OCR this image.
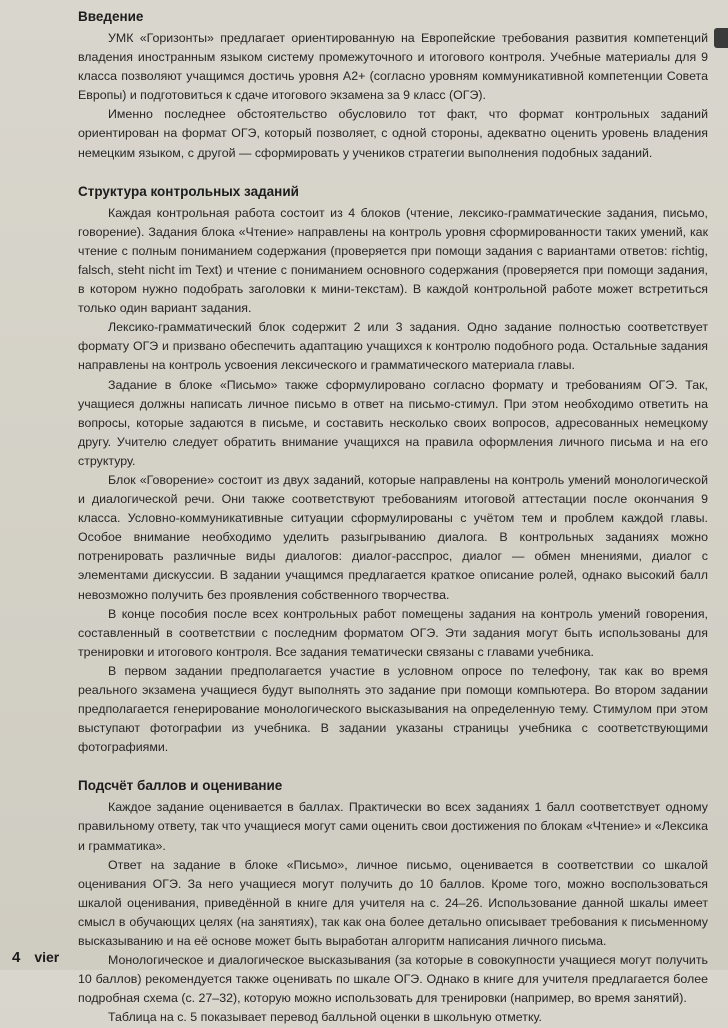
Введение

УМК «Горизонты» предлагает ориентированную на Европейские требования развития компетенций владения иностранным языком систему промежуточного и итогового контроля. Учебные материалы для 9 класса позволяют учащимся достичь уровня А2+ (согласно уровням коммуникативной компетенции Совета Европы) и подготовиться к сдаче итогового экзамена за 9 класс (ОГЭ).

Именно последнее обстоятельство обусловило тот факт, что формат контрольных заданий ориентирован на формат ОГЭ, который позволяет, с одной стороны, адекватно оценить уровень владения немецким языком, с другой — сформировать у учеников стратегии выполнения подобных заданий.

Структура контрольных заданий

Каждая контрольная работа состоит из 4 блоков (чтение, лексико-грамматические задания, письмо, говорение). Задания блока «Чтение» направлены на контроль уровня сформированности таких умений, как чтение с полным пониманием содержания (проверяется при помощи задания с вариантами ответов: richtig, falsch, steht nicht im Text) и чтение с пониманием основного содержания (проверяется при помощи задания, в котором нужно подобрать заголовки к мини-текстам). В каждой контрольной работе может встретиться только один вариант задания.

Лексико-грамматический блок содержит 2 или 3 задания. Одно задание полностью соответствует формату ОГЭ и призвано обеспечить адаптацию учащихся к контролю подобного рода. Остальные задания направлены на контроль усвоения лексического и грамматического материала главы.

Задание в блоке «Письмо» также сформулировано согласно формату и требованиям ОГЭ. Так, учащиеся должны написать личное письмо в ответ на письмо-стимул. При этом необходимо ответить на вопросы, которые задаются в письме, и составить несколько своих вопросов, адресованных немецкому другу. Учителю следует обратить внимание учащихся на правила оформления личного письма и на его структуру.

Блок «Говорение» состоит из двух заданий, которые направлены на контроль умений монологической и диалогической речи. Они также соответствуют требованиям итоговой аттестации после окончания 9 класса. Условно-коммуникативные ситуации сформулированы с учётом тем и проблем каждой главы. Особое внимание необходимо уделить разыгрыванию диалога. В контрольных заданиях можно потренировать различные виды диалогов: диалог-расспрос, диалог — обмен мнениями, диалог с элементами дискуссии. В задании учащимся предлагается краткое описание ролей, однако высокий балл невозможно получить без проявления собственного творчества.

В конце пособия после всех контрольных работ помещены задания на контроль умений говорения, составленный в соответствии с последним форматом ОГЭ. Эти задания могут быть использованы для тренировки и итогового контроля. Все задания тематически связаны с главами учебника.

В первом задании предполагается участие в условном опросе по телефону, так как во время реального экзамена учащиеся будут выполнять это задание при помощи компьютера. Во втором задании предполагается генерирование монологического высказывания на определенную тему. Стимулом при этом выступают фотографии из учебника. В задании указаны страницы учебника с соответствующими фотографиями.

Подсчёт баллов и оценивание

Каждое задание оценивается в баллах. Практически во всех заданиях 1 балл соответствует одному правильному ответу, так что учащиеся могут сами оценить свои достижения по блокам «Чтение» и «Лексика и грамматика».

Ответ на задание в блоке «Письмо», личное письмо, оценивается в соответствии со шкалой оценивания ОГЭ. За него учащиеся могут получить до 10 баллов. Кроме того, можно воспользоваться шкалой оценивания, приведённой в книге для учителя на с. 24–26. Использование данной шкалы имеет смысл в обучающих целях (на занятиях), так как она более детально описывает требования к письменному высказыванию и на её основе может быть выработан алгоритм написания личного письма.

Монологическое и диалогическое высказывания (за которые в совокупности учащиеся могут получить 10 баллов) рекомендуется также оценивать по шкале ОГЭ. Однако в книге для учителя предлагается более подробная схема (с. 27–32), которую можно использовать для тренировки (например, во время занятий).

Таблица на с. 5 показывает перевод балльной оценки в школьную отметку.

4 vier
